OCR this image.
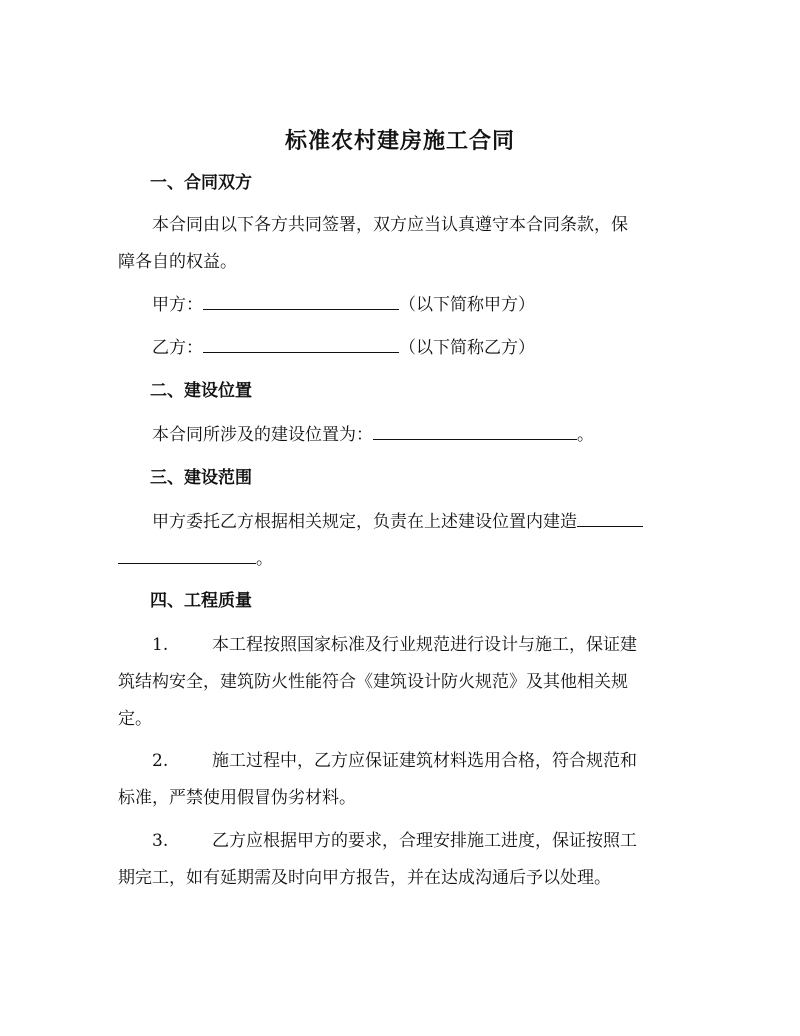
标准农村建房施工合同
一、合同双方
本合同由以下各方共同签署，双方应当认真遵守本合同条款，保
障各自的权益。
甲方：	（以下简称甲方）
乙方：	（以下简称乙方）
二、建设位置
本合同所涉及的建设位置为：	。
三、建设范围
甲方委托乙方根据相关规定，负责在上述建设位置内建造
。
四、工程质量
1.	本工程按照国家标准及行业规范进行设计与施工，保证建
筑结构安全，建筑防火性能符合《建筑设计防火规范》及其他相关规
定。
2.	施工过程中，乙方应保证建筑材料选用合格，符合规范和
标准，严禁使用假冒伪劣材料。
3.	乙方应根据甲方的要求，合理安排施工进度，保证按照工
期完工，如有延期需及时向甲方报告，并在达成沟通后予以处理。
